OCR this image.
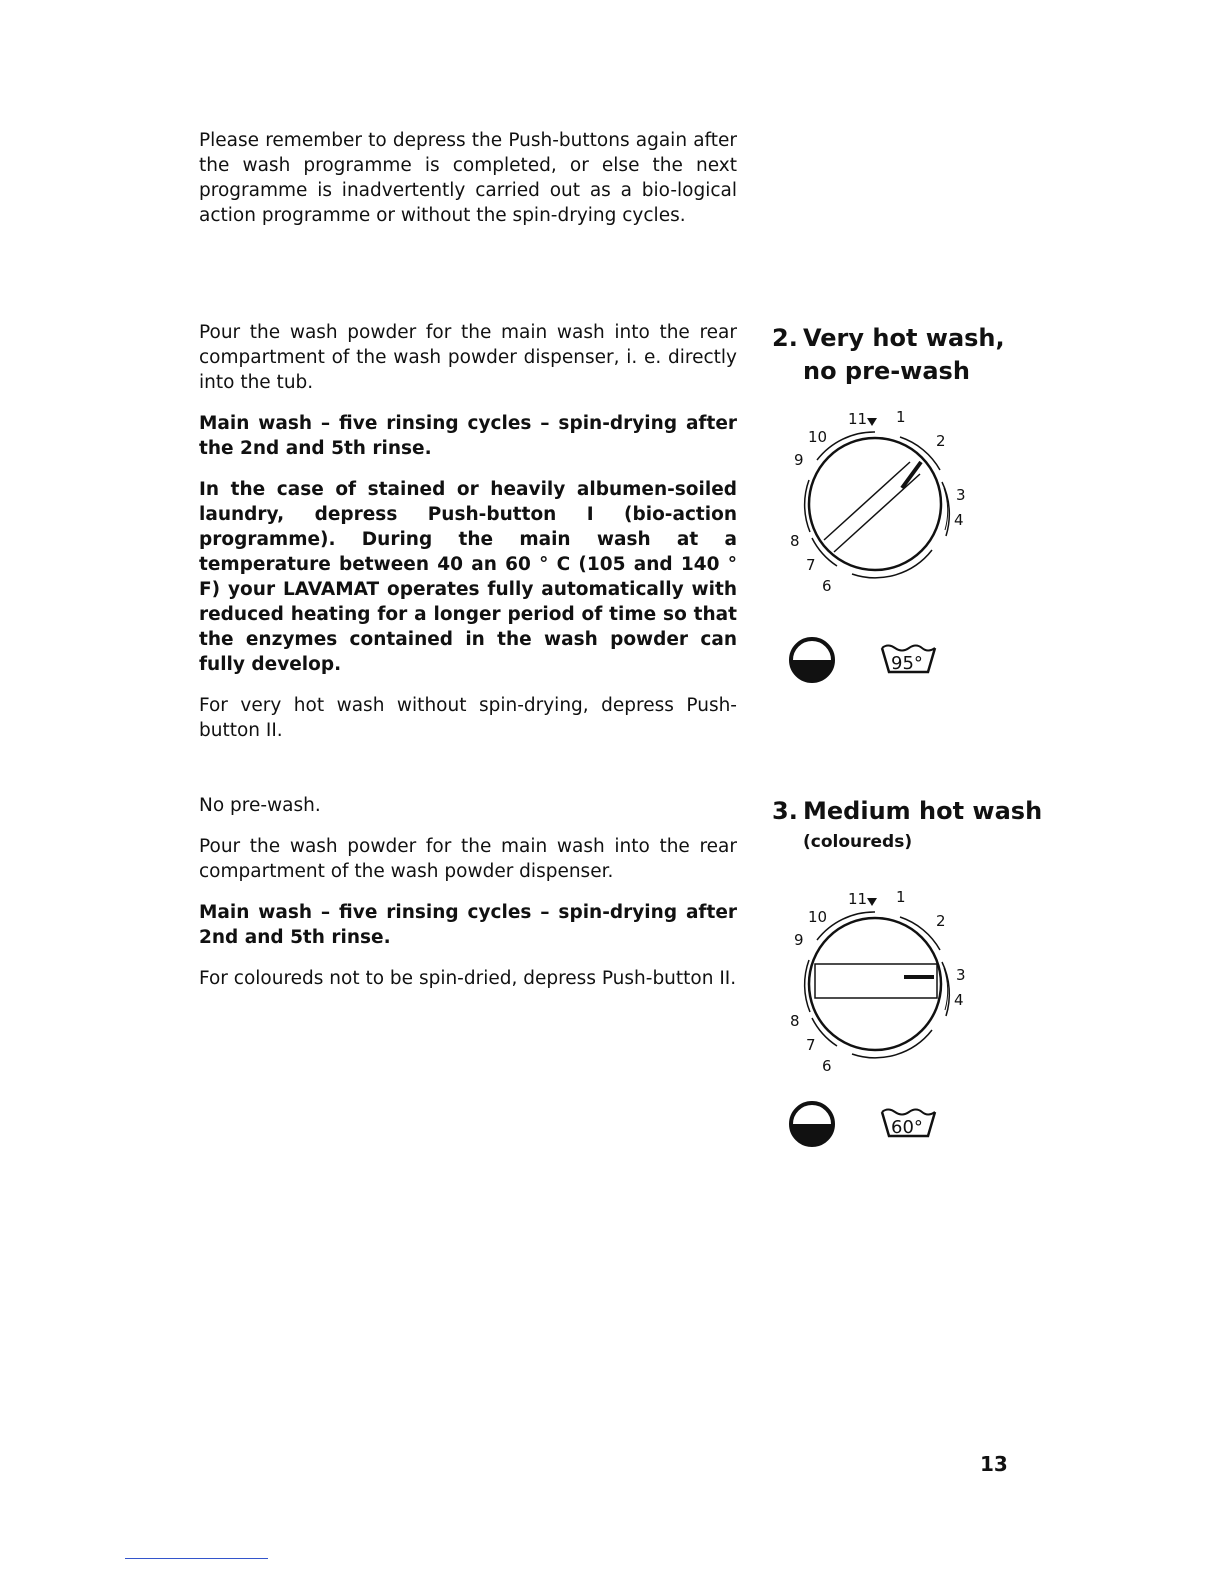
Please remember to depress the Push-buttons again after the wash programme is completed, or else the next programme is inadvertently carried out as a bio-logical action programme or without the spin-drying cycles.

Pour the wash powder for the main wash into the rear compartment of the wash powder dispenser, i. e. directly into the tub.

Main wash – five rinsing cycles – spin-drying after the 2nd and 5th rinse.

In the case of stained or heavily albumen-soiled laundry, depress Push-button I (bio-action programme). During the main wash at a temperature between 40 an 60 ° C (105 and 140 ° F) your LAVAMAT operates fully automatically with reduced heating for a longer period of time so that the enzymes contained in the wash powder can fully develop.

For very hot wash without spin-drying, depress Push-button II.

2. Very hot wash,
no pre-wash
11 1
2
3
4
6
7
8
9
10
95°

No pre-wash.

Pour the wash powder for the main wash into the rear compartment of the wash powder dispenser.

Main wash – five rinsing cycles – spin-drying after 2nd and 5th rinse.

For coloureds not to be spin-dried, depress Push-button II.

3. Medium hot wash
(coloureds)
11 1
2
3
4
6
7
8
9
10
60°
13
